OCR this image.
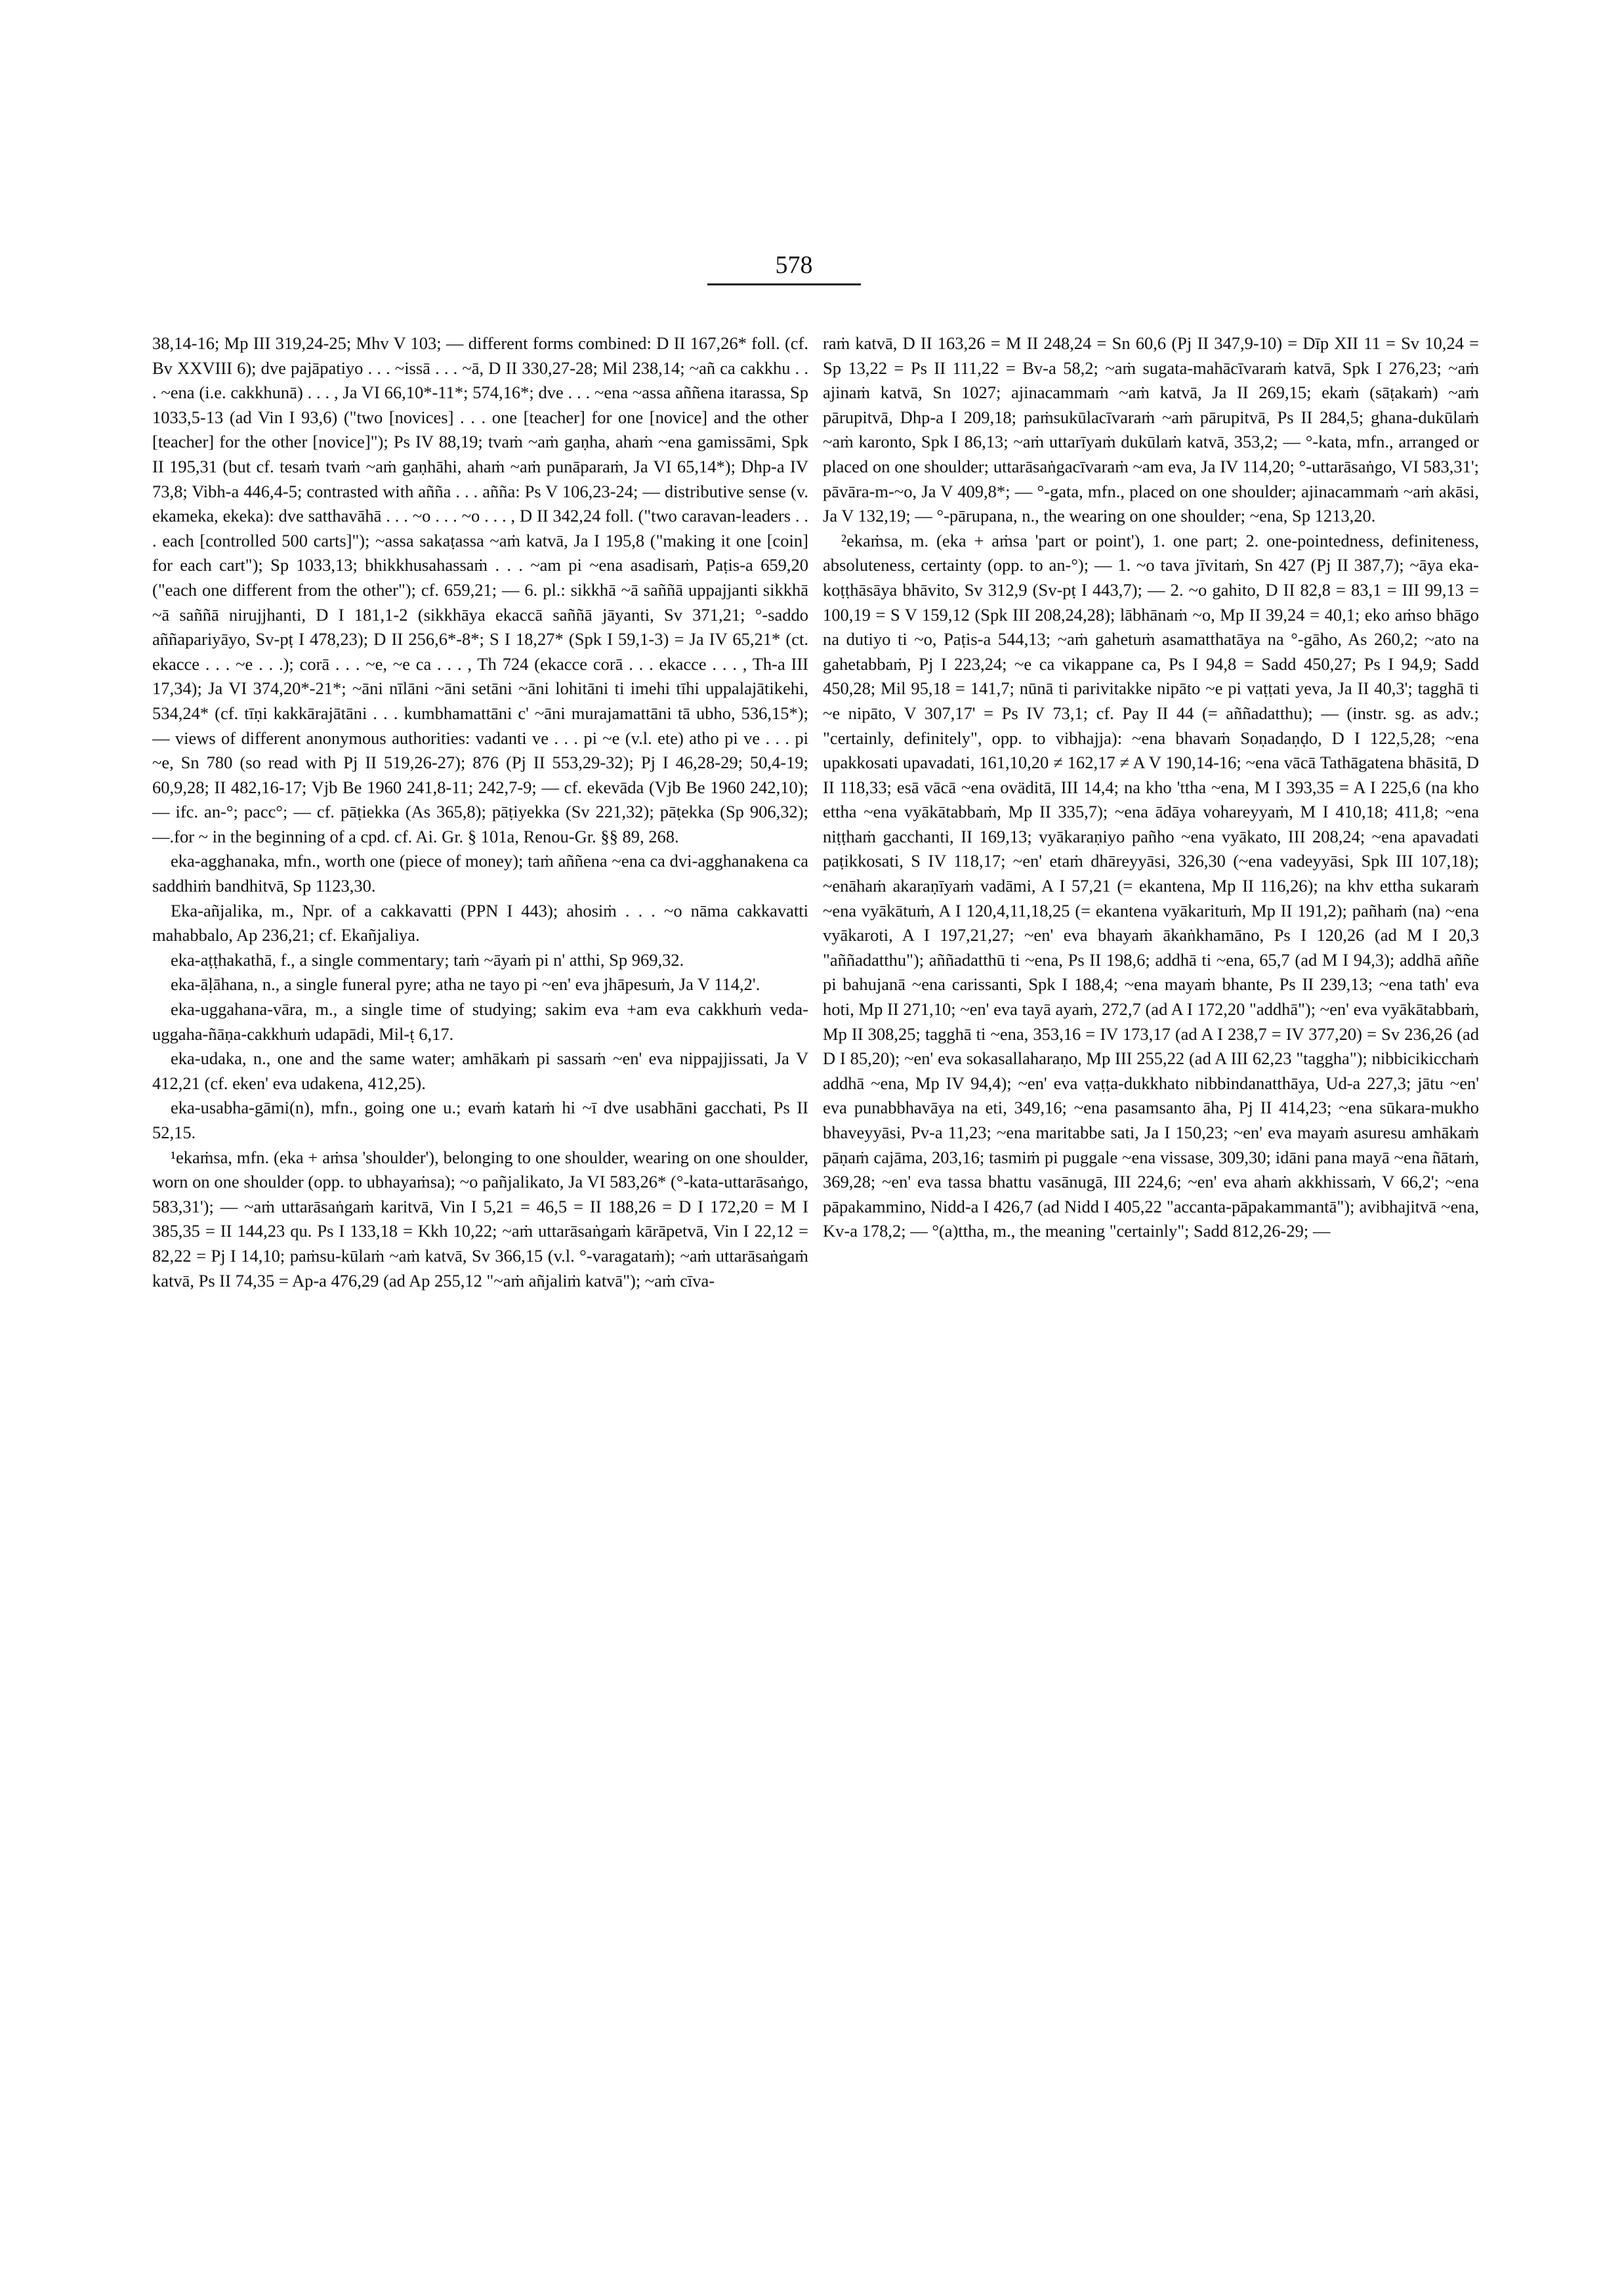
578

38,14-16; Mp III 319,24-25; Mhv V 103; — different forms combined: D II 167,26* foll. (cf. Bv XXVIII 6); dve pajāpatiyo . . . ~issā . . . ~ā, D II 330,27-28; Mil 238,14; ~añ ca cakkhu . . . ~ena (i.e. cakkhunā) . . . , Ja VI 66,10*-11*; 574,16*; dve . . . ~ena ~assa aññena itarassa, Sp 1033,5-13 (ad Vin I 93,6) ("two [novices] . . . one [teacher] for one [novice] and the other [teacher] for the other [novice]"); Ps IV 88,19; tvaṁ ~aṁ gaṇha, ahaṁ ~ena gamissāmi, Spk II 195,31 (but cf. tesaṁ tvaṁ ~aṁ gaṇhāhi, ahaṁ ~aṁ punāparaṁ, Ja VI 65,14*); Dhp-a IV 73,8; Vibh-a 446,4-5; contrasted with añña . . . añña: Ps V 106,23-24; — distributive sense (v. ekameka, ekeka): dve satthavāhā . . . ~o . . . ~o . . . , D II 342,24 foll. ("two caravan-leaders . . . each [controlled 500 carts]"); ~assa sakaṭassa ~aṁ katvā, Ja I 195,8 ("making it one [coin] for each cart"); Sp 1033,13; bhikkhusahassaṁ . . . ~am pi ~ena asadisaṁ, Paṭis-a 659,20 ("each one different from the other"); cf. 659,21; — 6. pl.: sikkhā ~ā saññā uppajjanti sikkhā ~ā saññā nirujjhanti, D I 181,1-2 (sikkhāya ekaccā saññā jāyanti, Sv 371,21; °-saddo aññapariyāyo, Sv-pṭ I 478,23); D II 256,6*-8*; S I 18,27* (Spk I 59,1-3) = Ja IV 65,21* (ct. ekacce . . . ~e . . .); corā . . . ~e, ~e ca . . . , Th 724 (ekacce corā . . . ekacce . . . , Th-a III 17,34); Ja VI 374,20*-21*; ~āni nīlāni ~āni setāni ~āni lohitāni ti imehi tīhi uppalajātikehi, 534,24* (cf. tīṇi kakkārajātāni . . . kumbhamattāni c' ~āni murajamattāni tā ubho, 536,15*); — views of different anonymous authorities: vadanti ve . . . pi ~e (v.l. ete) atho pi ve . . . pi ~e, Sn 780 (so read with Pj II 519,26-27); 876 (Pj II 553,29-32); Pj I 46,28-29; 50,4-19; 60,9,28; II 482,16-17; Vjb Be 1960 241,8-11; 242,7-9; — cf. ekevāda (Vjb Be 1960 242,10); — ifc. an-°; pacc°; — cf. pāṭiekka (As 365,8); pāṭiyekka (Sv 221,32); pāṭekka (Sp 906,32); —.for ~ in the beginning of a cpd. cf. Ai. Gr. § 101a, Renou-Gr. §§ 89, 268.

eka-agghanaka, mfn., worth one (piece of money); taṁ aññena ~ena ca dvi-agghanakena ca saddhiṁ bandhitvā, Sp 1123,30.

Eka-añjalika, m., Npr. of a cakkavatti (PPN I 443); ahosiṁ . . . ~o nāma cakkavatti mahabbalo, Ap 236,21; cf. Ekañjaliya.

eka-aṭṭhakathā, f., a single commentary; taṁ ~āyaṁ pi n' atthi, Sp 969,32.

eka-āḷāhana, n., a single funeral pyre; atha ne tayo pi ~en' eva jhāpesuṁ, Ja V 114,2'.

eka-uggahana-vāra, m., a single time of studying; sakim eva +am eva cakkhuṁ veda-uggaha-ñāṇa-cakkhuṁ udapādi, Mil-ṭ 6,17.

eka-udaka, n., one and the same water; amhākaṁ pi sassaṁ ~en' eva nippajjissati, Ja V 412,21 (cf. eken' eva udakena, 412,25).

eka-usabha-gāmi(n), mfn., going one u.; evaṁ kataṁ hi ~ī dve usabhāni gacchati, Ps II 52,15.

¹ekaṁsa, mfn. (eka + aṁsa 'shoulder'), belonging to one shoulder, wearing on one shoulder, worn on one shoulder (opp. to ubhayaṁsa); ~o pañjalikato, Ja VI 583,26* (°-kata-uttarāsaṅgo, 583,31'); — ~aṁ uttarāsaṅgaṁ karitvā, Vin I 5,21 = 46,5 = II 188,26 = D I 172,20 = M I 385,35 = II 144,23 qu. Ps I 133,18 = Kkh 10,22; ~aṁ uttarāsaṅgaṁ kārāpetvā, Vin I 22,12 = 82,22 = Pj I 14,10; paṁsu-kūlaṁ ~aṁ katvā, Sv 366,15 (v.l. °-varagataṁ); ~aṁ uttarāsaṅgaṁ katvā, Ps II 74,35 = Ap-a 476,29 (ad Ap 255,12 "~aṁ añjaliṁ katvā"); ~aṁ cīva-

raṁ katvā, D II 163,26 = M II 248,24 = Sn 60,6 (Pj II 347,9-10) = Dīp XII 11 = Sv 10,24 = Sp 13,22 = Ps II 111,22 = Bv-a 58,2; ~aṁ sugata-mahācīvaraṁ katvā, Spk I 276,23; ~aṁ ajinaṁ katvā, Sn 1027; ajinacammaṁ ~aṁ katvā, Ja II 269,15; ekaṁ (sāṭakaṁ) ~aṁ pārupitvā, Dhp-a I 209,18; paṁsukūlacīvaraṁ ~aṁ pārupitvā, Ps II 284,5; ghana-dukūlaṁ ~aṁ karonto, Spk I 86,13; ~aṁ uttarīyaṁ dukūlaṁ katvā, 353,2; — °-kata, mfn., arranged or placed on one shoulder; uttarāsaṅgacīvaraṁ ~am eva, Ja IV 114,20; °-uttarāsaṅgo, VI 583,31'; pāvāra-m-~o, Ja V 409,8*; — °-gata, mfn., placed on one shoulder; ajinacammaṁ ~aṁ akāsi, Ja V 132,19; — °-pārupana, n., the wearing on one shoulder; ~ena, Sp 1213,20.

²ekaṁsa, m. (eka + aṁsa 'part or point'), 1. one part; 2. one-pointedness, definiteness, absoluteness, certainty (opp. to an-°); — 1. ~o tava jīvitaṁ, Sn 427 (Pj II 387,7); ~āya eka-koṭṭhāsāya bhāvito, Sv 312,9 (Sv-pṭ I 443,7); — 2. ~o gahito, D II 82,8 = 83,1 = III 99,13 = 100,19 = S V 159,12 (Spk III 208,24,28); lābhānaṁ ~o, Mp II 39,24 = 40,1; eko aṁso bhāgo na dutiyo ti ~o, Paṭis-a 544,13; ~aṁ gahetuṁ asamatthatāya na °-gāho, As 260,2; ~ato na gahetabbaṁ, Pj I 223,24; ~e ca vikappane ca, Ps I 94,8 = Sadd 450,27; Ps I 94,9; Sadd 450,28; Mil 95,18 = 141,7; nūnā ti parivitakke nipāto ~e pi vaṭṭati yeva, Ja II 40,3'; tagghā ti ~e nipāto, V 307,17' = Ps IV 73,1; cf. Pay II 44 (= aññadatthu); — (instr. sg. as adv.; "certainly, definitely", opp. to vibhajja): ~ena bhavaṁ Soṇadaṇḍo, D I 122,5,28; ~ena upakkosati upavadati, 161,10,20 ≠ 162,17 ≠ A V 190,14-16; ~ena vācā Tathāgatena bhāsitā, D II 118,33; esā vācā ~ena oväditā, III 14,4; na kho 'ttha ~ena, M I 393,35 = A I 225,6 (na kho ettha ~ena vyākātabbaṁ, Mp II 335,7); ~ena ādāya vohareyyaṁ, M I 410,18; 411,8; ~ena niṭṭhaṁ gacchanti, II 169,13; vyākaraṇiyo pañho ~ena vyākato, III 208,24; ~ena apavadati paṭikkosati, S IV 118,17; ~en' etaṁ dhāreyyāsi, 326,30 (~ena vadeyyāsi, Spk III 107,18); ~enāhaṁ akaraṇīyaṁ vadāmi, A I 57,21 (= ekantena, Mp II 116,26); na khv ettha sukaraṁ ~ena vyākātuṁ, A I 120,4,11,18,25 (= ekantena vyākarituṁ, Mp II 191,2); pañhaṁ (na) ~ena vyākaroti, A I 197,21,27; ~en' eva bhayaṁ ākaṅkhamāno, Ps I 120,26 (ad M I 20,3 "aññadatthu"); aññadatthū ti ~ena, Ps II 198,6; addhā ti ~ena, 65,7 (ad M I 94,3); addhā aññe pi bahujanā ~ena carissanti, Spk I 188,4; ~ena mayaṁ bhante, Ps II 239,13; ~ena tath' eva hoti, Mp II 271,10; ~en' eva tayā ayaṁ, 272,7 (ad A I 172,20 "addhā"); ~en' eva vyākātabbaṁ, Mp II 308,25; tagghā ti ~ena, 353,16 = IV 173,17 (ad A I 238,7 = IV 377,20) = Sv 236,26 (ad D I 85,20); ~en' eva sokasallaharaṇo, Mp III 255,22 (ad A III 62,23 "taggha"); nibbicikicchaṁ addhā ~ena, Mp IV 94,4); ~en' eva vaṭṭa-dukkhato nibbindanatthāya, Ud-a 227,3; jātu ~en' eva punabbhavāya na eti, 349,16; ~ena pasamsanto āha, Pj II 414,23; ~ena sūkara-mukho bhaveyyāsi, Pv-a 11,23; ~ena maritabbe sati, Ja I 150,23; ~en' eva mayaṁ asuresu amhākaṁ pāṇaṁ cajāma, 203,16; tasmiṁ pi puggale ~ena vissase, 309,30; idāni pana mayā ~ena ñātaṁ, 369,28; ~en' eva tassa bhattu vasānugā, III 224,6; ~en' eva ahaṁ akkhissaṁ, V 66,2'; ~ena pāpakammino, Nidd-a I 426,7 (ad Nidd I 405,22 "accanta-pāpakammantā"); avibhajitvā ~ena, Kv-a 178,2; — °(a)ttha, m., the meaning "certainly"; Sadd 812,26-29; —
